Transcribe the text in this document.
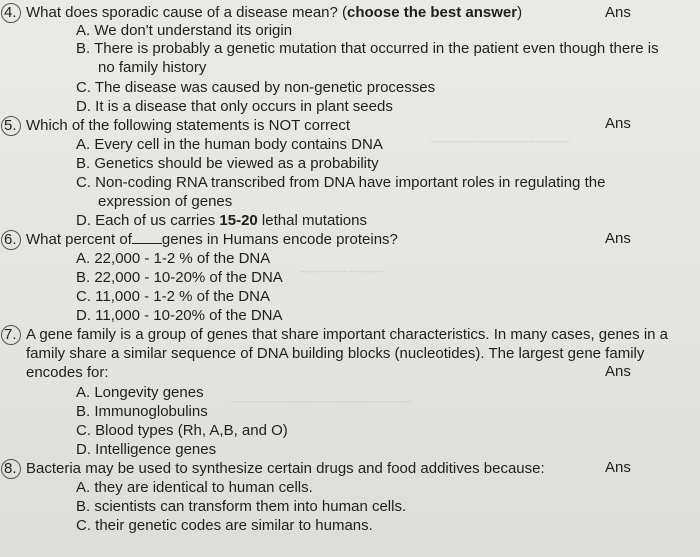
~~~~~~~~~~~~~~~~~~~~
~~~~~~~~~~~~
~~~~~~~~~~~~~~~~~~~~~~~~~~
4. What does sporadic cause of a disease mean? (choose the best answer)	Ans
A. We don't understand its origin
B. There is probably a genetic mutation that occurred in the patient even though there is
no family history
C. The disease was caused by non-genetic processes
D. It is a disease that only occurs in plant seeds
5. Which of the following statements is NOT correct	Ans
A. Every cell in the human body contains DNA
B. Genetics should be viewed as a probability
C. Non-coding RNA transcribed from DNA have important roles in regulating the
expression of genes
D. Each of us carries 15-20 lethal mutations
6. What percent of genes in Humans encode proteins?	Ans
A. 22,000 - 1-2 % of the DNA
B. 22,000 - 10-20% of the DNA
C. 11,000 - 1-2 % of the DNA
D. 11,000 - 10-20% of the DNA
7. A gene family is a group of genes that share important characteristics. In many cases, genes in a
family share a similar sequence of DNA building blocks (nucleotides). The largest gene family
encodes for:	Ans
A. Longevity genes
B. Immunoglobulins
C. Blood types (Rh, A,B, and O)
D. Intelligence genes
8. Bacteria may be used to synthesize certain drugs and food additives because:	Ans
A. they are identical to human cells.
B. scientists can transform them into human cells.
C. their genetic codes are similar to humans.
